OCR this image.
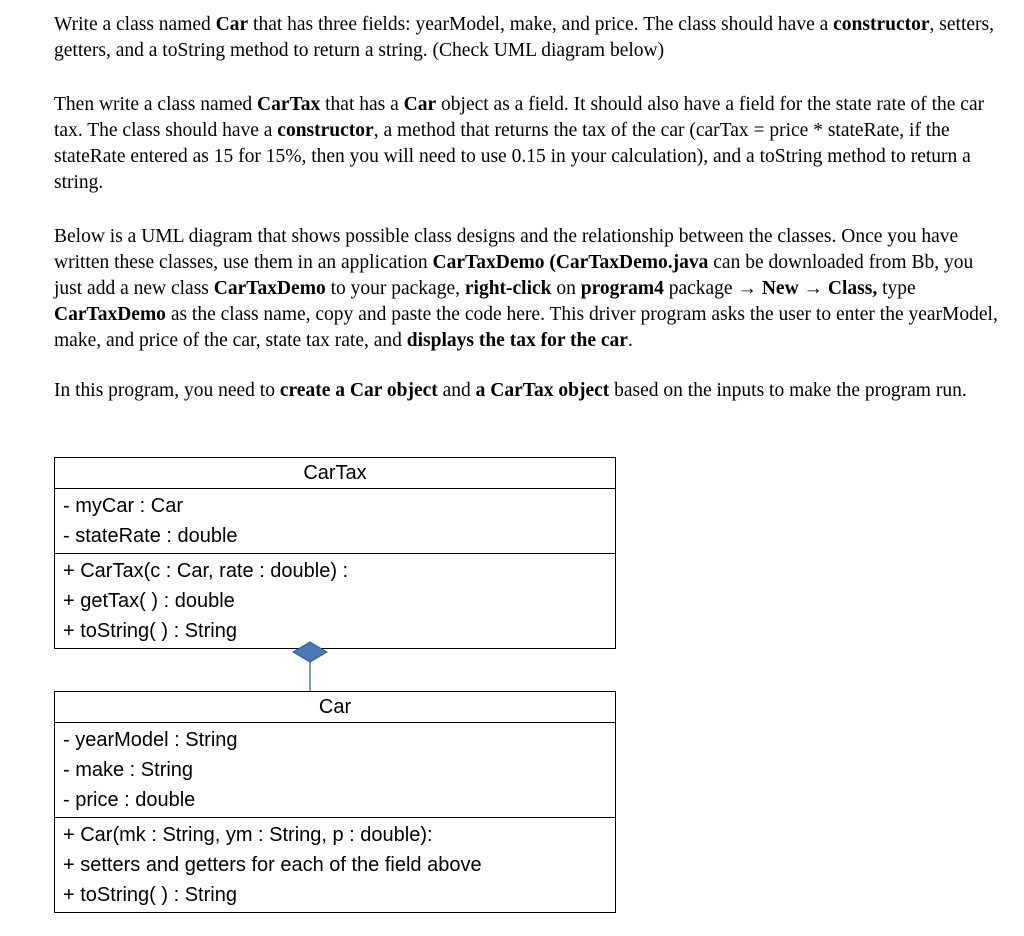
Write a class named Car that has three fields: yearModel, make, and price. The class should have a constructor, setters, getters, and a toString method to return a string. (Check UML diagram below)

Then write a class named CarTax that has a Car object as a field. It should also have a field for the state rate of the car tax. The class should have a constructor, a method that returns the tax of the car (carTax = price * stateRate, if the stateRate entered as 15 for 15%, then you will need to use 0.15 in your calculation), and a toString method to return a string.

Below is a UML diagram that shows possible class designs and the relationship between the classes. Once you have written these classes, use them in an application CarTaxDemo (CarTaxDemo.java can be downloaded from Bb, you just add a new class CarTaxDemo to your package, right-click on program4 package → New → Class, type CarTaxDemo as the class name, copy and paste the code here. This driver program asks the user to enter the yearModel, make, and price of the car, state tax rate, and displays the tax for the car.

In this program, you need to create a Car object and a CarTax object based on the inputs to make the program run.

CarTax
- myCar : Car
- stateRate : double
+ CarTax(c : Car, rate : double) :
+ getTax( ) : double
+ toString( ) : String
Car
- yearModel : String
- make : String
- price : double
+ Car(mk : String, ym : String, p : double):
+ setters and getters for each of the field above
+ toString( ) : String
